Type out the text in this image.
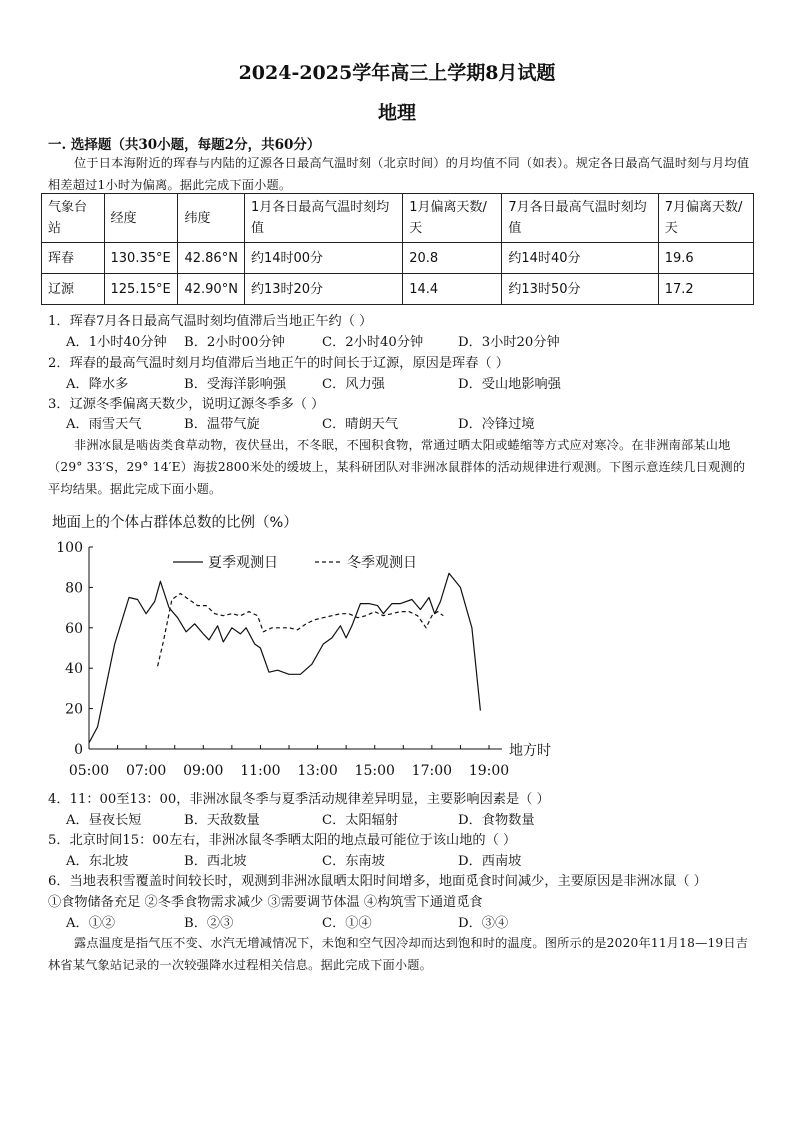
2024-2025学年高三上学期8月试题
地理
一. 选择题（共30小题，每题2分，共60分）
位于日本海附近的珲春与内陆的辽源各日最高气温时刻（北京时间）的月均值不同（如表）。规定各日最高气温时刻与月均值相差超过1小时为偏离。据此完成下面小题。
气象台站	经度	纬度	1月各日最高气温时刻均值	1月偏离天数/天	7月各日最高气温时刻均值	7月偏离天数/天
珲春	130.35°E	42.86°N	约14时00分	20.8	约14时40分	19.6
辽源	125.15°E	42.90°N	约13时20分	14.4	约13时50分	17.2
1．珲春7月各日最高气温时刻均值滞后当地正午约（ ）
A．1小时40分钟 B．2小时00分钟	C．2小时40分钟	D．3小时20分钟
2．珲春的最高气温时刻月均值滞后当地正午的时间长于辽源，原因是珲春（ ）
A．降水多	B．受海洋影响强	C．风力强	D．受山地影响强
3．辽源冬季偏离天数少，说明辽源冬季多（ ）
A．雨雪天气	B．温带气旋	C．晴朗天气	D．冷锋过境
非洲冰鼠是啮齿类食草动物，夜伏昼出，不冬眠，不囤积食物，常通过晒太阳或蜷缩等方式应对寒冷。在非洲南部某山地（29° 33′S，29° 14′E）海拔2800米处的缓坡上，某科研团队对非洲冰鼠群体的活动规律进行观测。下图示意连续几日观测的平均结果。据此完成下面小题。
地面上的个体占群体总数的比例（%）
0
20
40
60
80
100
05:00 07:00 09:00 11:00 13:00 15:00 17:00 19:00
夏季观测日	冬季观测日
地方时
4．11：00至13：00，非洲冰鼠冬季与夏季活动规律差异明显，主要影响因素是（ ）
A．昼夜长短	B．天敌数量	C．太阳辐射	D．食物数量
5．北京时间15：00左右，非洲冰鼠冬季晒太阳的地点最可能位于该山地的（ ）
A．东北坡	B．西北坡	C．东南坡	D．西南坡
6．当地表积雪覆盖时间较长时，观测到非洲冰鼠晒太阳时间增多，地面觅食时间减少，主要原因是非洲冰鼠（ ）
①食物储备充足 ②冬季食物需求减少 ③需要调节体温 ④构筑雪下通道觅食
A．①②	B．②③	C．①④	D．③④
露点温度是指气压不变、水汽无增减情况下，未饱和空气因冷却而达到饱和时的温度。图所示的是2020年11月18—19日吉林省某气象站记录的一次较强降水过程相关信息。据此完成下面小题。
